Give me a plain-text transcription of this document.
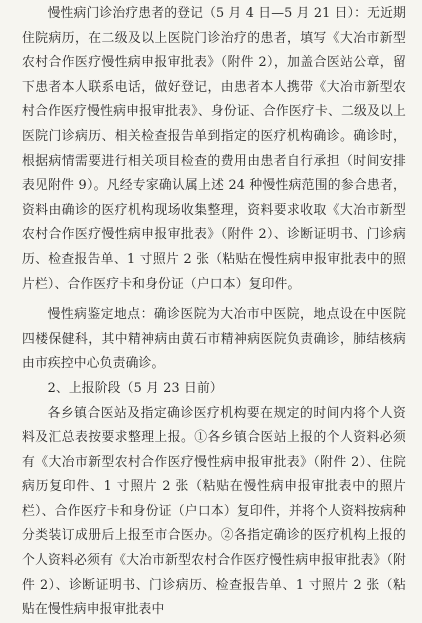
慢性病门诊治疗患者的登记（5 月 4 日—5 月 21 日）：无近期住院病历，在二级及以上医院门诊治疗的患者，填写《大冶市新型农村合作医疗慢性病申报审批表》（附件 2），加盖合医站公章，留下患者本人联系电话，做好登记，由患者本人携带《大冶市新型农村合作医疗慢性病申报审批表》、身份证、合作医疗卡、二级及以上医院门诊病历、相关检查报告单到指定的医疗机构确诊。确诊时，根据病情需要进行相关项目检查的费用由患者自行承担（时间安排表见附件 9）。凡经专家确认属上述 24 种慢性病范围的参合患者，资料由确诊的医疗机构现场收集整理，资料要求收取《大冶市新型农村合作医疗慢性病申报审批表》（附件 2）、诊断证明书、门诊病历、检查报告单、1 寸照片 2 张（粘贴在慢性病申报审批表中的照片栏）、合作医疗卡和身份证（户口本）复印件。

慢性病鉴定地点：确诊医院为大冶市中医院，地点设在中医院四楼保健科，其中精神病由黄石市精神病医院负责确诊，肺结核病由市疾控中心负责确诊。

2、上报阶段（5 月 23 日前）

各乡镇合医站及指定确诊医疗机构要在规定的时间内将个人资料及汇总表按要求整理上报。①各乡镇合医站上报的个人资料必须有《大冶市新型农村合作医疗慢性病申报审批表》（附件 2）、住院病历复印件、1 寸照片 2 张（粘贴在慢性病申报审批表中的照片栏）、合作医疗卡和身份证（户口本）复印件，并将个人资料按病种分类装订成册后上报至市合医办。②各指定确诊的医疗机构上报的个人资料必须有《大冶市新型农村合作医疗慢性病申报审批表》（附件 2）、诊断证明书、门诊病历、检查报告单、1 寸照片 2 张（粘贴在慢性病申报审批表中
